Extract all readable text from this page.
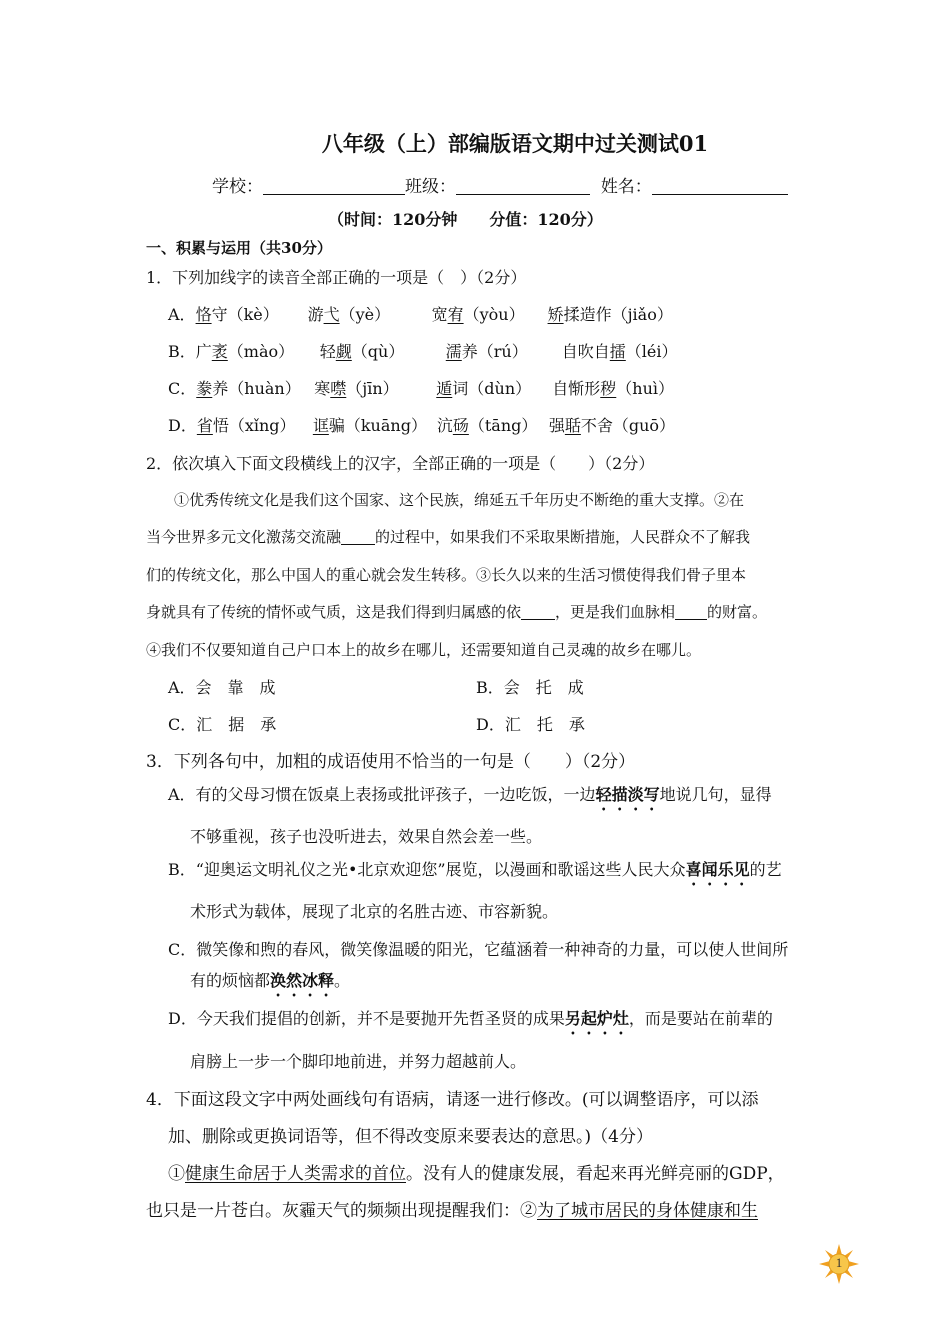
八年级（上）部编版语文期中过关测试01
学校：	班级：	姓名：
（时间：120分钟　　分值：120分）
一、积累与运用（共30分）
1．下列加线字的读音全部正确的一项是（　）（2分）
A．恪守（kè） 游弋（yè）	宽宥（yòu） 矫揉造作（jiǎo）
B．广袤（mào） 轻觑（qù）	濡养（rú） 自吹自擂（léi）
C．豢养（huàn） 寒噤（jīn） 遁词（dùn） 自惭形秽（huì）
D．省悟（xǐng） 诓骗（kuāng） 沆砀（tāng） 强聒不舍（guō）
2．依次填入下面文段横线上的汉字，全部正确的一项是（　　）（2分）
①优秀传统文化是我们这个国家、这个民族，绵延五千年历史不断绝的重大支撑。②在
当今世界多元文化激荡交流融 的过程中，如果我们不采取果断措施，人民群众不了解我
们的传统文化，那么中国人的重心就会发生转移。③长久以来的生活习惯使得我们骨子里本
身就具有了传统的情怀或气质，这是我们得到归属感的依 ，更是我们血脉相 的财富。
④我们不仅要知道自己户口本上的故乡在哪儿，还需要知道自己灵魂的故乡在哪儿。
A．会　靠　成	B．会　托　成
C．汇　据　承	D．汇　托　承
3．下列各句中，加粗的成语使用不恰当的一句是（　　）（2分）
A．有的父母习惯在饭桌上表扬或批评孩子，一边吃饭，一边轻描淡写地说几句，显得
不够重视，孩子也没听进去，效果自然会差一些。
B．“迎奥运文明礼仪之光•北京欢迎您”展览，以漫画和歌谣这些人民大众喜闻乐见的艺
术形式为载体，展现了北京的名胜古迹、市容新貌。
C．微笑像和煦的春风，微笑像温暖的阳光，它蕴涵着一种神奇的力量，可以使人世间所
有的烦恼都涣然冰释。
D．今天我们提倡的创新，并不是要抛开先哲圣贤的成果另起炉灶，而是要站在前辈的
肩膀上一步一个脚印地前进，并努力超越前人。
4．下面这段文字中两处画线句有语病，请逐一进行修改。(可以调整语序，可以添
加、删除或更换词语等，但不得改变原来要表达的意思。)（4分）
①健康生命居于人类需求的首位。没有人的健康发展，看起来再光鲜亮丽的GDP，
也只是一片苍白。灰霾天气的频频出现提醒我们：②为了城市居民的身体健康和生
1
